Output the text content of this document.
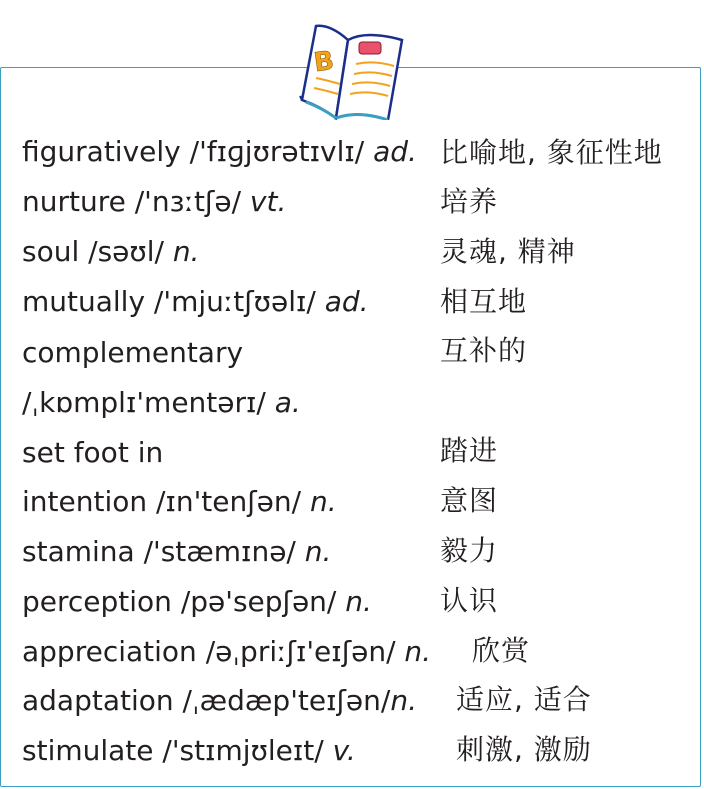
B
figuratively /'fɪɡjʊrətɪvlɪ/ ad. 比喻地, 象征性地
nurture /'nɜːtʃə/ vt.	培养
soul /səʊl/ n.	灵魂, 精神
mutually /'mjuːtʃʊəlɪ/ ad.	相互地
complementary	互补的
/ˌkɒmplɪ'mentərɪ/ a.
set foot in	踏进
intention /ɪn'tenʃən/ n.	意图
stamina /'stæmɪnə/ n.	毅力
perception /pə'sepʃən/ n. 认识
appreciation /əˌpriːʃɪ'eɪʃən/ n. 欣赏
adaptation /ˌædæp'teɪʃən/n. 适应, 适合
stimulate /'stɪmjʊleɪt/ v.	刺激, 激励
